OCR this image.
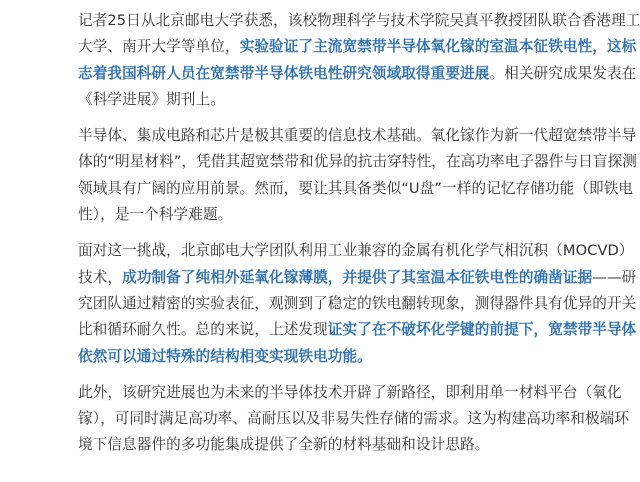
记者25日从北京邮电大学获悉，该校物理科学与技术学院吴真平教授团队联合香港理工
大学、南开大学等单位，实验验证了主流宽禁带半导体氧化镓的室温本征铁电性，这标
志着我国科研人员在宽禁带半导体铁电性研究领域取得重要进展。相关研究成果发表在
《科学进展》期刊上。
半导体、集成电路和芯片是极其重要的信息技术基础。氧化镓作为新一代超宽禁带半导
体的“明星材料”，凭借其超宽禁带和优异的抗击穿特性，在高功率电子器件与日盲探测
领域具有广阔的应用前景。然而，要让其具备类似“U盘”一样的记忆存储功能（即铁电
性），是一个科学难题。
面对这一挑战，北京邮电大学团队利用工业兼容的金属有机化学气相沉积（MOCVD）
技术，成功制备了纯相外延氧化镓薄膜，并提供了其室温本征铁电性的确凿证据——研
究团队通过精密的实验表征，观测到了稳定的铁电翻转现象，测得器件具有优异的开关
比和循环耐久性。总的来说，上述发现证实了在不破坏化学键的前提下，宽禁带半导体
依然可以通过特殊的结构相变实现铁电功能。
此外，该研究进展也为未来的半导体技术开辟了新路径，即利用单一材料平台（氧化
镓），可同时满足高功率、高耐压以及非易失性存储的需求。这为构建高功率和极端环
境下信息器件的多功能集成提供了全新的材料基础和设计思路。
